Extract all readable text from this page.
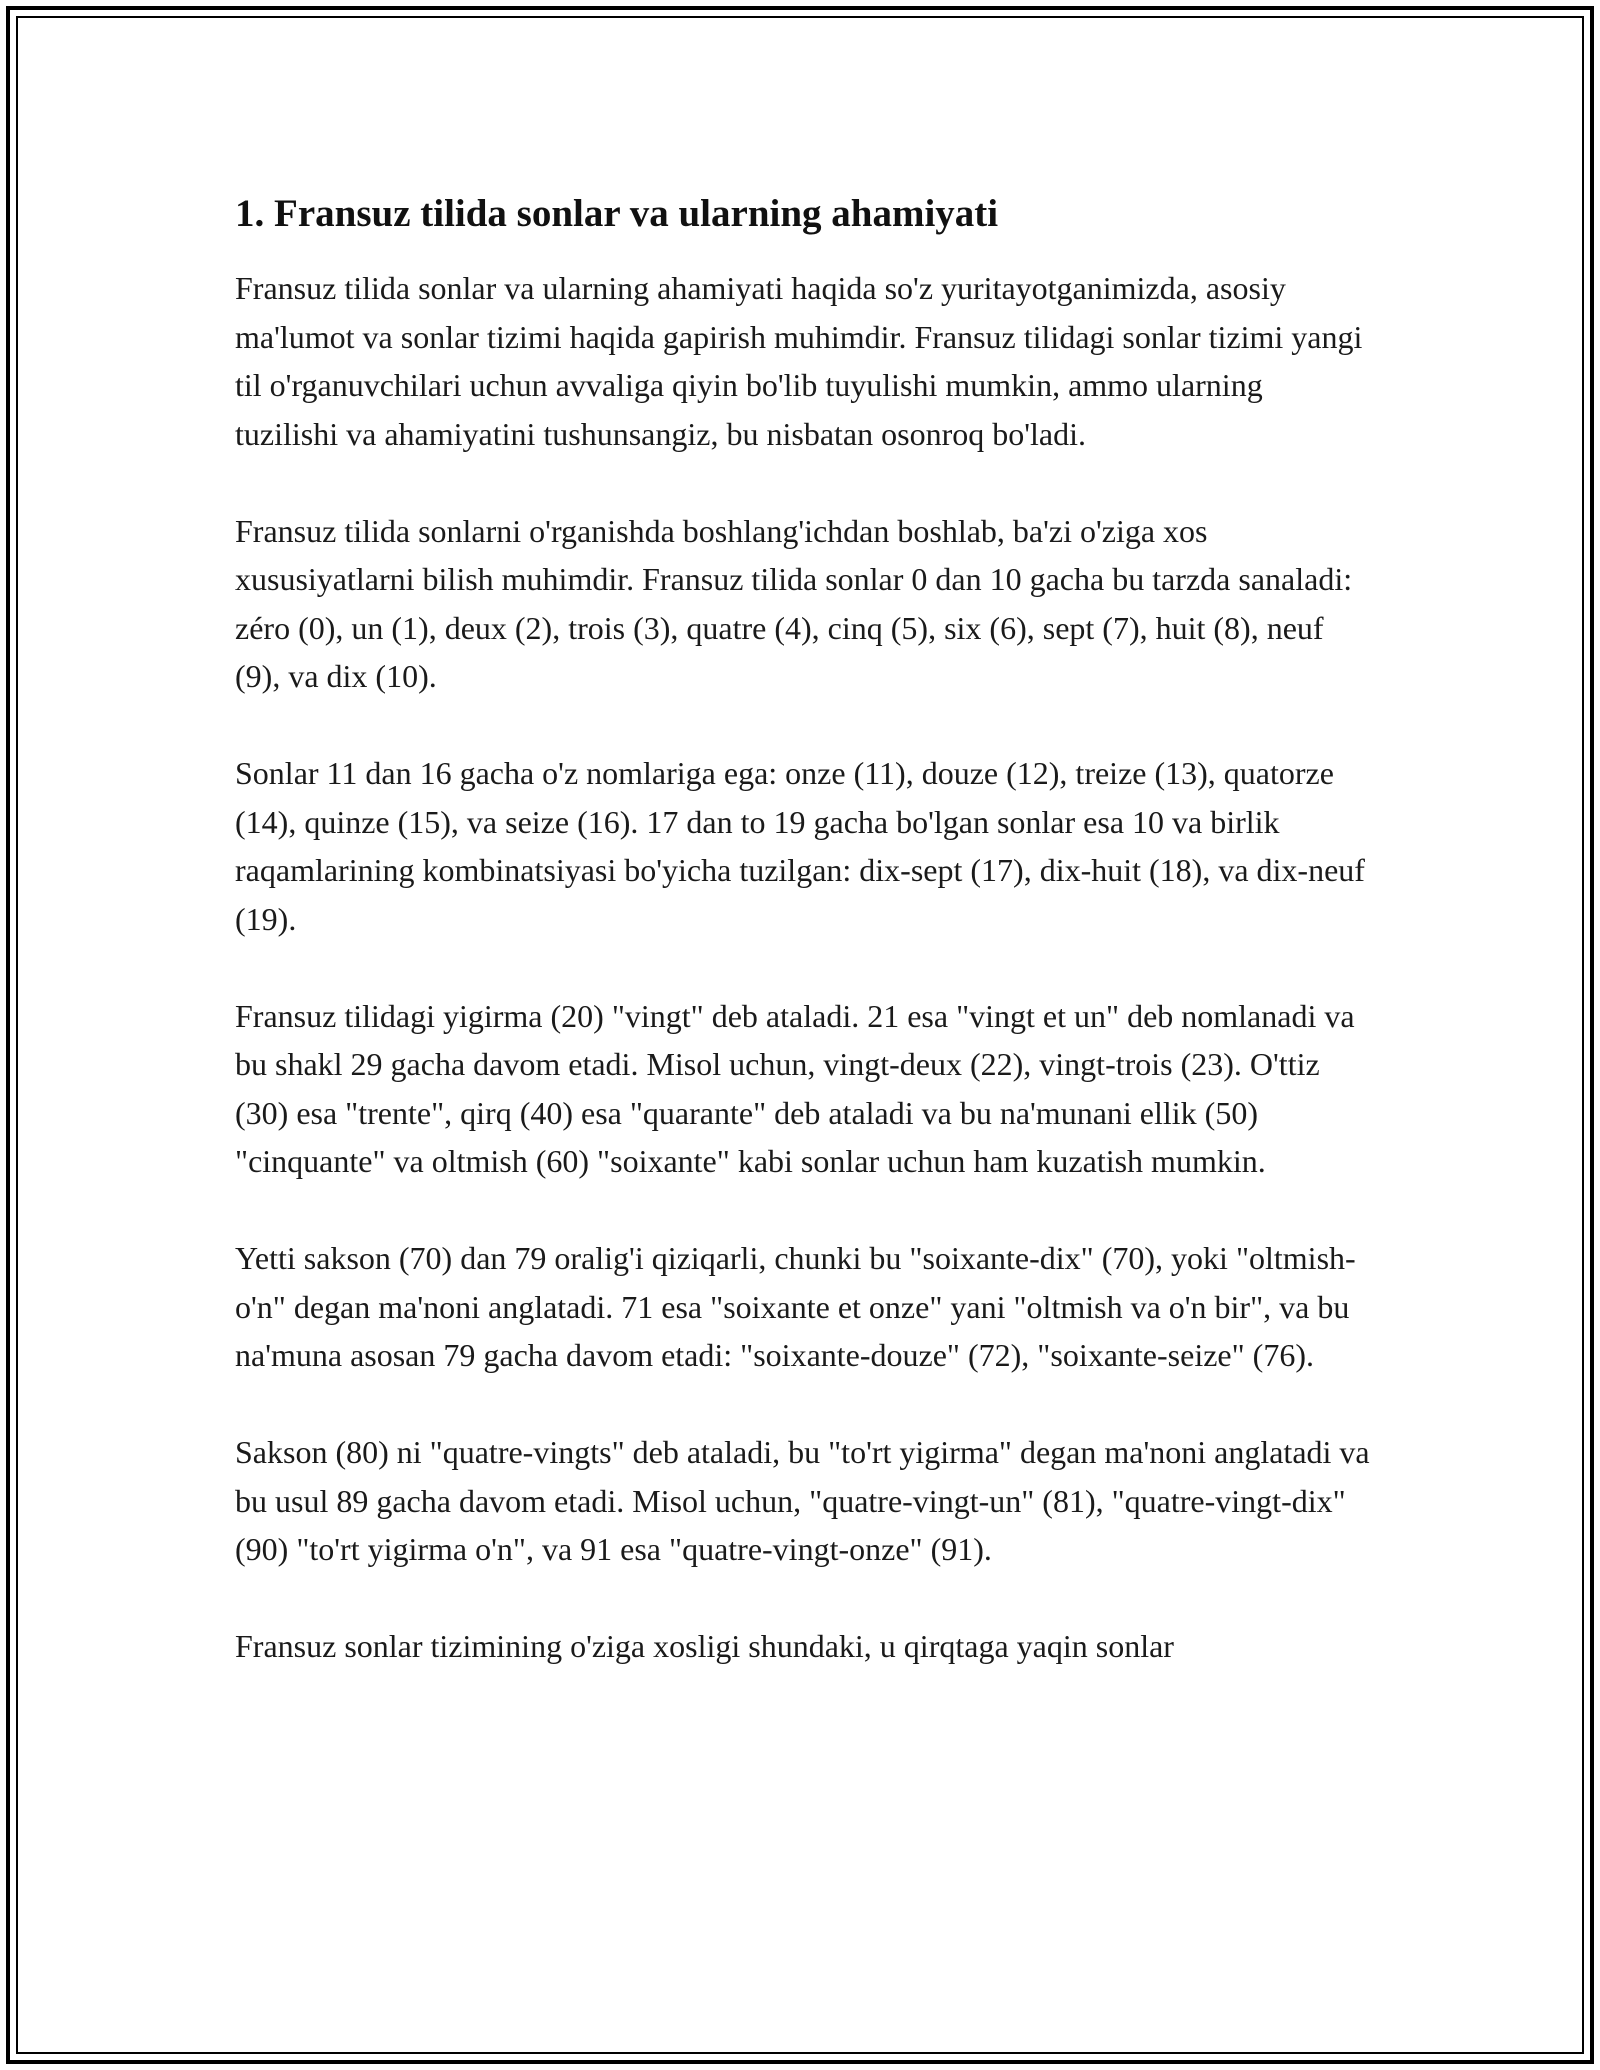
1. Fransuz tilida sonlar va ularning ahamiyati

Fransuz tilida sonlar va ularning ahamiyati haqida so'z yuritayotganimizda, asosiy ma'lumot va sonlar tizimi haqida gapirish muhimdir. Fransuz tilidagi sonlar tizimi yangi til o'rganuvchilari uchun avvaliga qiyin bo'lib tuyulishi mumkin, ammo ularning tuzilishi va ahamiyatini tushunsangiz, bu nisbatan osonroq bo'ladi.

Fransuz tilida sonlarni o'rganishda boshlang'ichdan boshlab, ba'zi o'ziga xos xususiyatlarni bilish muhimdir. Fransuz tilida sonlar 0 dan 10 gacha bu tarzda sanaladi: zéro (0), un (1), deux (2), trois (3), quatre (4), cinq (5), six (6), sept (7), huit (8), neuf (9), va dix (10).

Sonlar 11 dan 16 gacha o'z nomlariga ega: onze (11), douze (12), treize (13), quatorze (14), quinze (15), va seize (16). 17 dan to 19 gacha bo'lgan sonlar esa 10 va birlik raqamlarining kombinatsiyasi bo'yicha tuzilgan: dix-sept (17), dix-huit (18), va dix-neuf (19).

Fransuz tilidagi yigirma (20) "vingt" deb ataladi. 21 esa "vingt et un" deb nomlanadi va bu shakl 29 gacha davom etadi. Misol uchun, vingt-deux (22), vingt-trois (23). O'ttiz (30) esa "trente", qirq (40) esa "quarante" deb ataladi va bu na'munani ellik (50) "cinquante" va oltmish (60) "soixante" kabi sonlar uchun ham kuzatish mumkin.

Yetti sakson (70) dan 79 oralig'i qiziqarli, chunki bu "soixante-dix" (70), yoki "oltmish-o'n" degan ma'noni anglatadi. 71 esa "soixante et onze" yani "oltmish va o'n bir", va bu na'muna asosan 79 gacha davom etadi: "soixante-douze" (72), "soixante-seize" (76).

Sakson (80) ni "quatre-vingts" deb ataladi, bu "to'rt yigirma" degan ma'noni anglatadi va bu usul 89 gacha davom etadi. Misol uchun, "quatre-vingt-un" (81), "quatre-vingt-dix" (90) "to'rt yigirma o'n", va 91 esa "quatre-vingt-onze" (91).

Fransuz sonlar tizimining o'ziga xosligi shundaki, u qirqtaga yaqin sonlar
